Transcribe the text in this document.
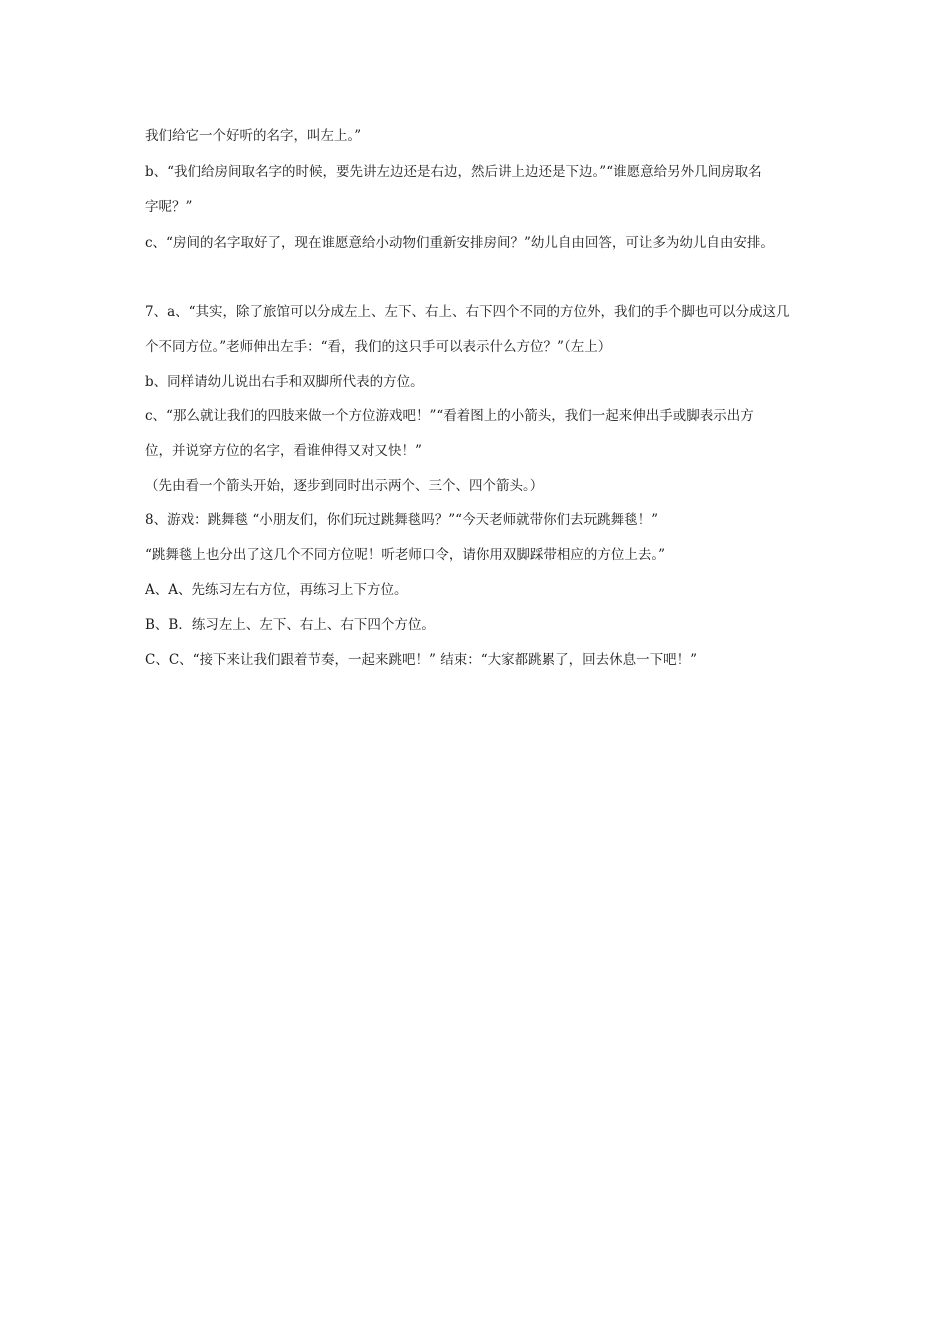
我们给它一个好听的名字，叫左上。”
b、“我们给房间取名字的时候，要先讲左边还是右边，然后讲上边还是下边。”“谁愿意给另外几间房取名
字呢？”
c、“房间的名字取好了，现在谁愿意给小动物们重新安排房间？”幼儿自由回答，可让多为幼儿自由安排。
7、a、“其实，除了旅馆可以分成左上、左下、右上、右下四个不同的方位外，我们的手个脚也可以分成这几
个不同方位。”老师伸出左手：“看，我们的这只手可以表示什么方位？”（左上）
b、同样请幼儿说出右手和双脚所代表的方位。
c、“那么就让我们的四肢来做一个方位游戏吧！”“看着图上的小箭头，我们一起来伸出手或脚表示出方
位，并说穿方位的名字，看谁伸得又对又快！”
（先由看一个箭头开始，逐步到同时出示两个、三个、四个箭头。）
8、游戏：跳舞毯 “小朋友们，你们玩过跳舞毯吗？”“今天老师就带你们去玩跳舞毯！”
“跳舞毯上也分出了这几个不同方位呢！听老师口令，请你用双脚踩带相应的方位上去。”
A、A、先练习左右方位，再练习上下方位。
B、B．练习左上、左下、右上、右下四个方位。
C、C、“接下来让我们跟着节奏，一起来跳吧！” 结束：“大家都跳累了，回去休息一下吧！”
